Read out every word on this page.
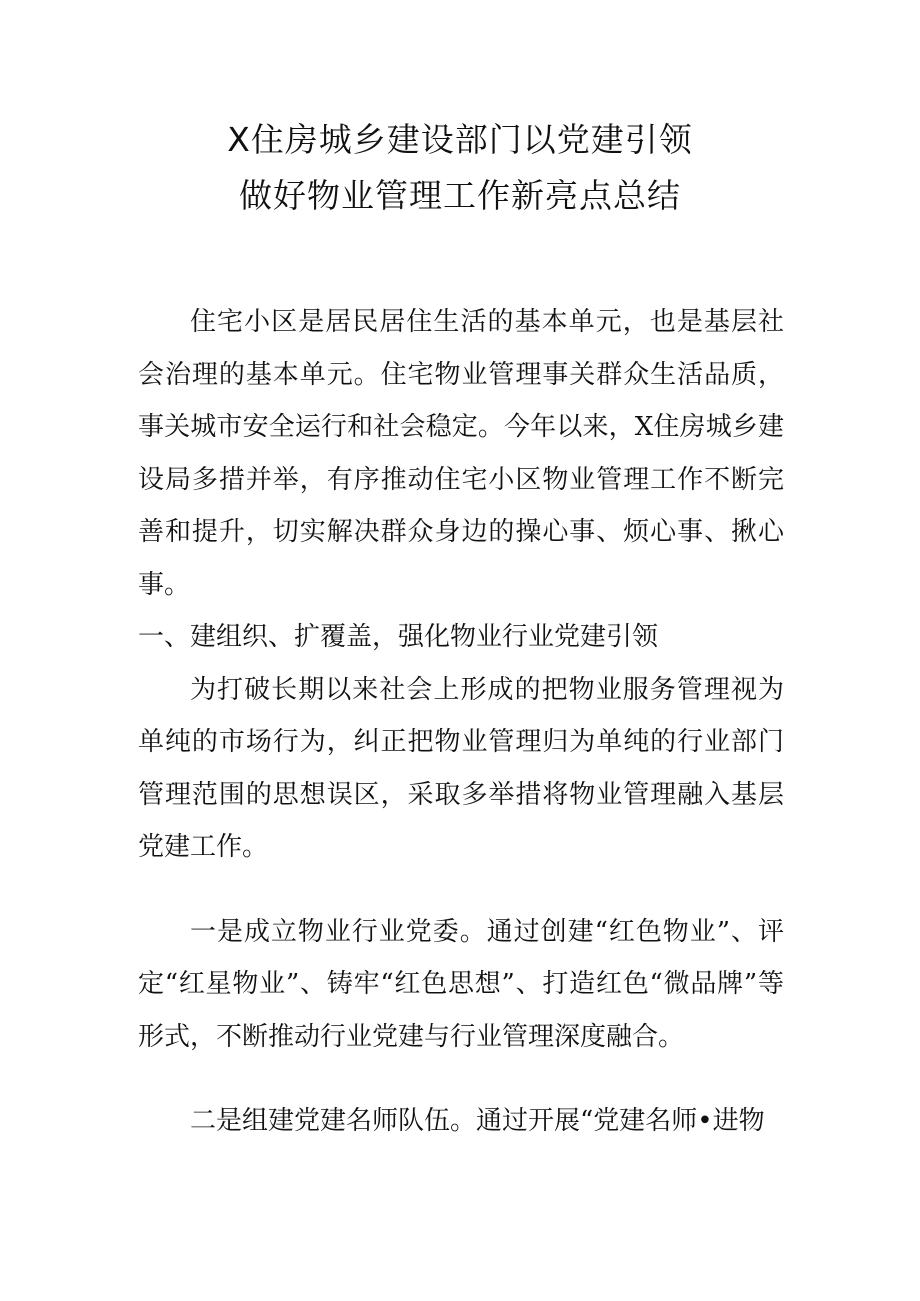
X住房城乡建设部门以党建引领
做好物业管理工作新亮点总结

住宅小区是居民居住生活的基本单元，也是基层社会治理的基本单元。住宅物业管理事关群众生活品质，事关城市安全运行和社会稳定。今年以来，X住房城乡建设局多措并举，有序推动住宅小区物业管理工作不断完善和提升，切实解决群众身边的操心事、烦心事、揪心事。

一、建组织、扩覆盖，强化物业行业党建引领

为打破长期以来社会上形成的把物业服务管理视为单纯的市场行为，纠正把物业管理归为单纯的行业部门管理范围的思想误区，采取多举措将物业管理融入基层党建工作。

一是成立物业行业党委。通过创建“红色物业”、评定“红星物业”、铸牢“红色思想”、打造红色“微品牌”等形式，不断推动行业党建与行业管理深度融合。

二是组建党建名师队伍。通过开展“党建名师•进物
